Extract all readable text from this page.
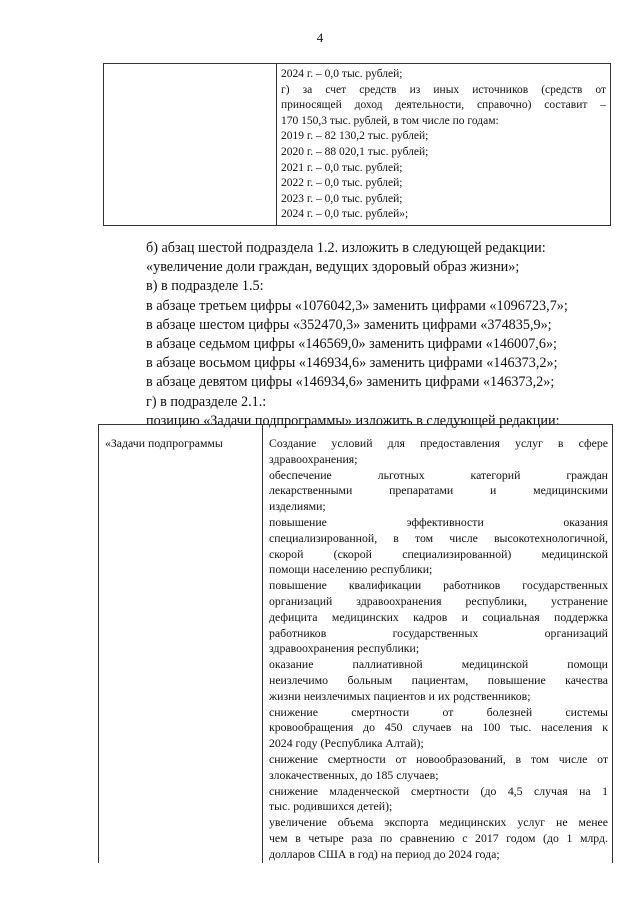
4

2024 г. – 0,0 тыс. рублей;
г) за счет средств из иных источников (средств от
приносящей доход деятельности, справочно) составит –
170 150,3 тыс. рублей, в том числе по годам:
2019 г. – 82 130,2 тыс. рублей;
2020 г. – 88 020,1 тыс. рублей;
2021 г. – 0,0 тыс. рублей;
2022 г. – 0,0 тыс. рублей;
2023 г. – 0,0 тыс. рублей;
2024 г. – 0,0 тыс. рублей»;
б) абзац шестой подраздела 1.2. изложить в следующей редакции:
«увеличение доли граждан, ведущих здоровый образ жизни»;
в) в подразделе 1.5:
в абзаце третьем цифры «1076042,3» заменить цифрами «1096723,7»;
в абзаце шестом цифры «352470,3» заменить цифрами «374835,9»;
в абзаце седьмом цифры «146569,0» заменить цифрами «146007,6»;
в абзаце восьмом цифры «146934,6» заменить цифрами «146373,2»;
в абзаце девятом цифры «146934,6» заменить цифрами «146373,2»;
г) в подразделе 2.1.:
позицию «Задачи подпрограммы» изложить в следующей редакции:
«Задачи подпрограммы	Создание условий для предоставления услуг в сфере
здравоохранения;
обеспечение льготных категорий граждан
лекарственными препаратами и медицинскими
изделиями;
повышение эффективности оказания
специализированной, в том числе высокотехнологичной,
скорой (скорой специализированной) медицинской
помощи населению республики;
повышение квалификации работников государственных
организаций здравоохранения республики, устранение
дефицита медицинских кадров и социальная поддержка
работников государственных организаций
здравоохранения республики;
оказание паллиативной медицинской помощи
неизлечимо больным пациентам, повышение качества
жизни неизлечимых пациентов и их родственников;
снижение смертности от болезней системы
кровообращения до 450 случаев на 100 тыс. населения к
2024 году (Республика Алтай);
снижение смертности от новообразований, в том числе от
злокачественных, до 185 случаев;
снижение младенческой смертности (до 4,5 случая на 1
тыс. родившихся детей);
увеличение объема экспорта медицинских услуг не менее
чем в четыре раза по сравнению с 2017 годом (до 1 млрд.
долларов США в год) на период до 2024 года;
